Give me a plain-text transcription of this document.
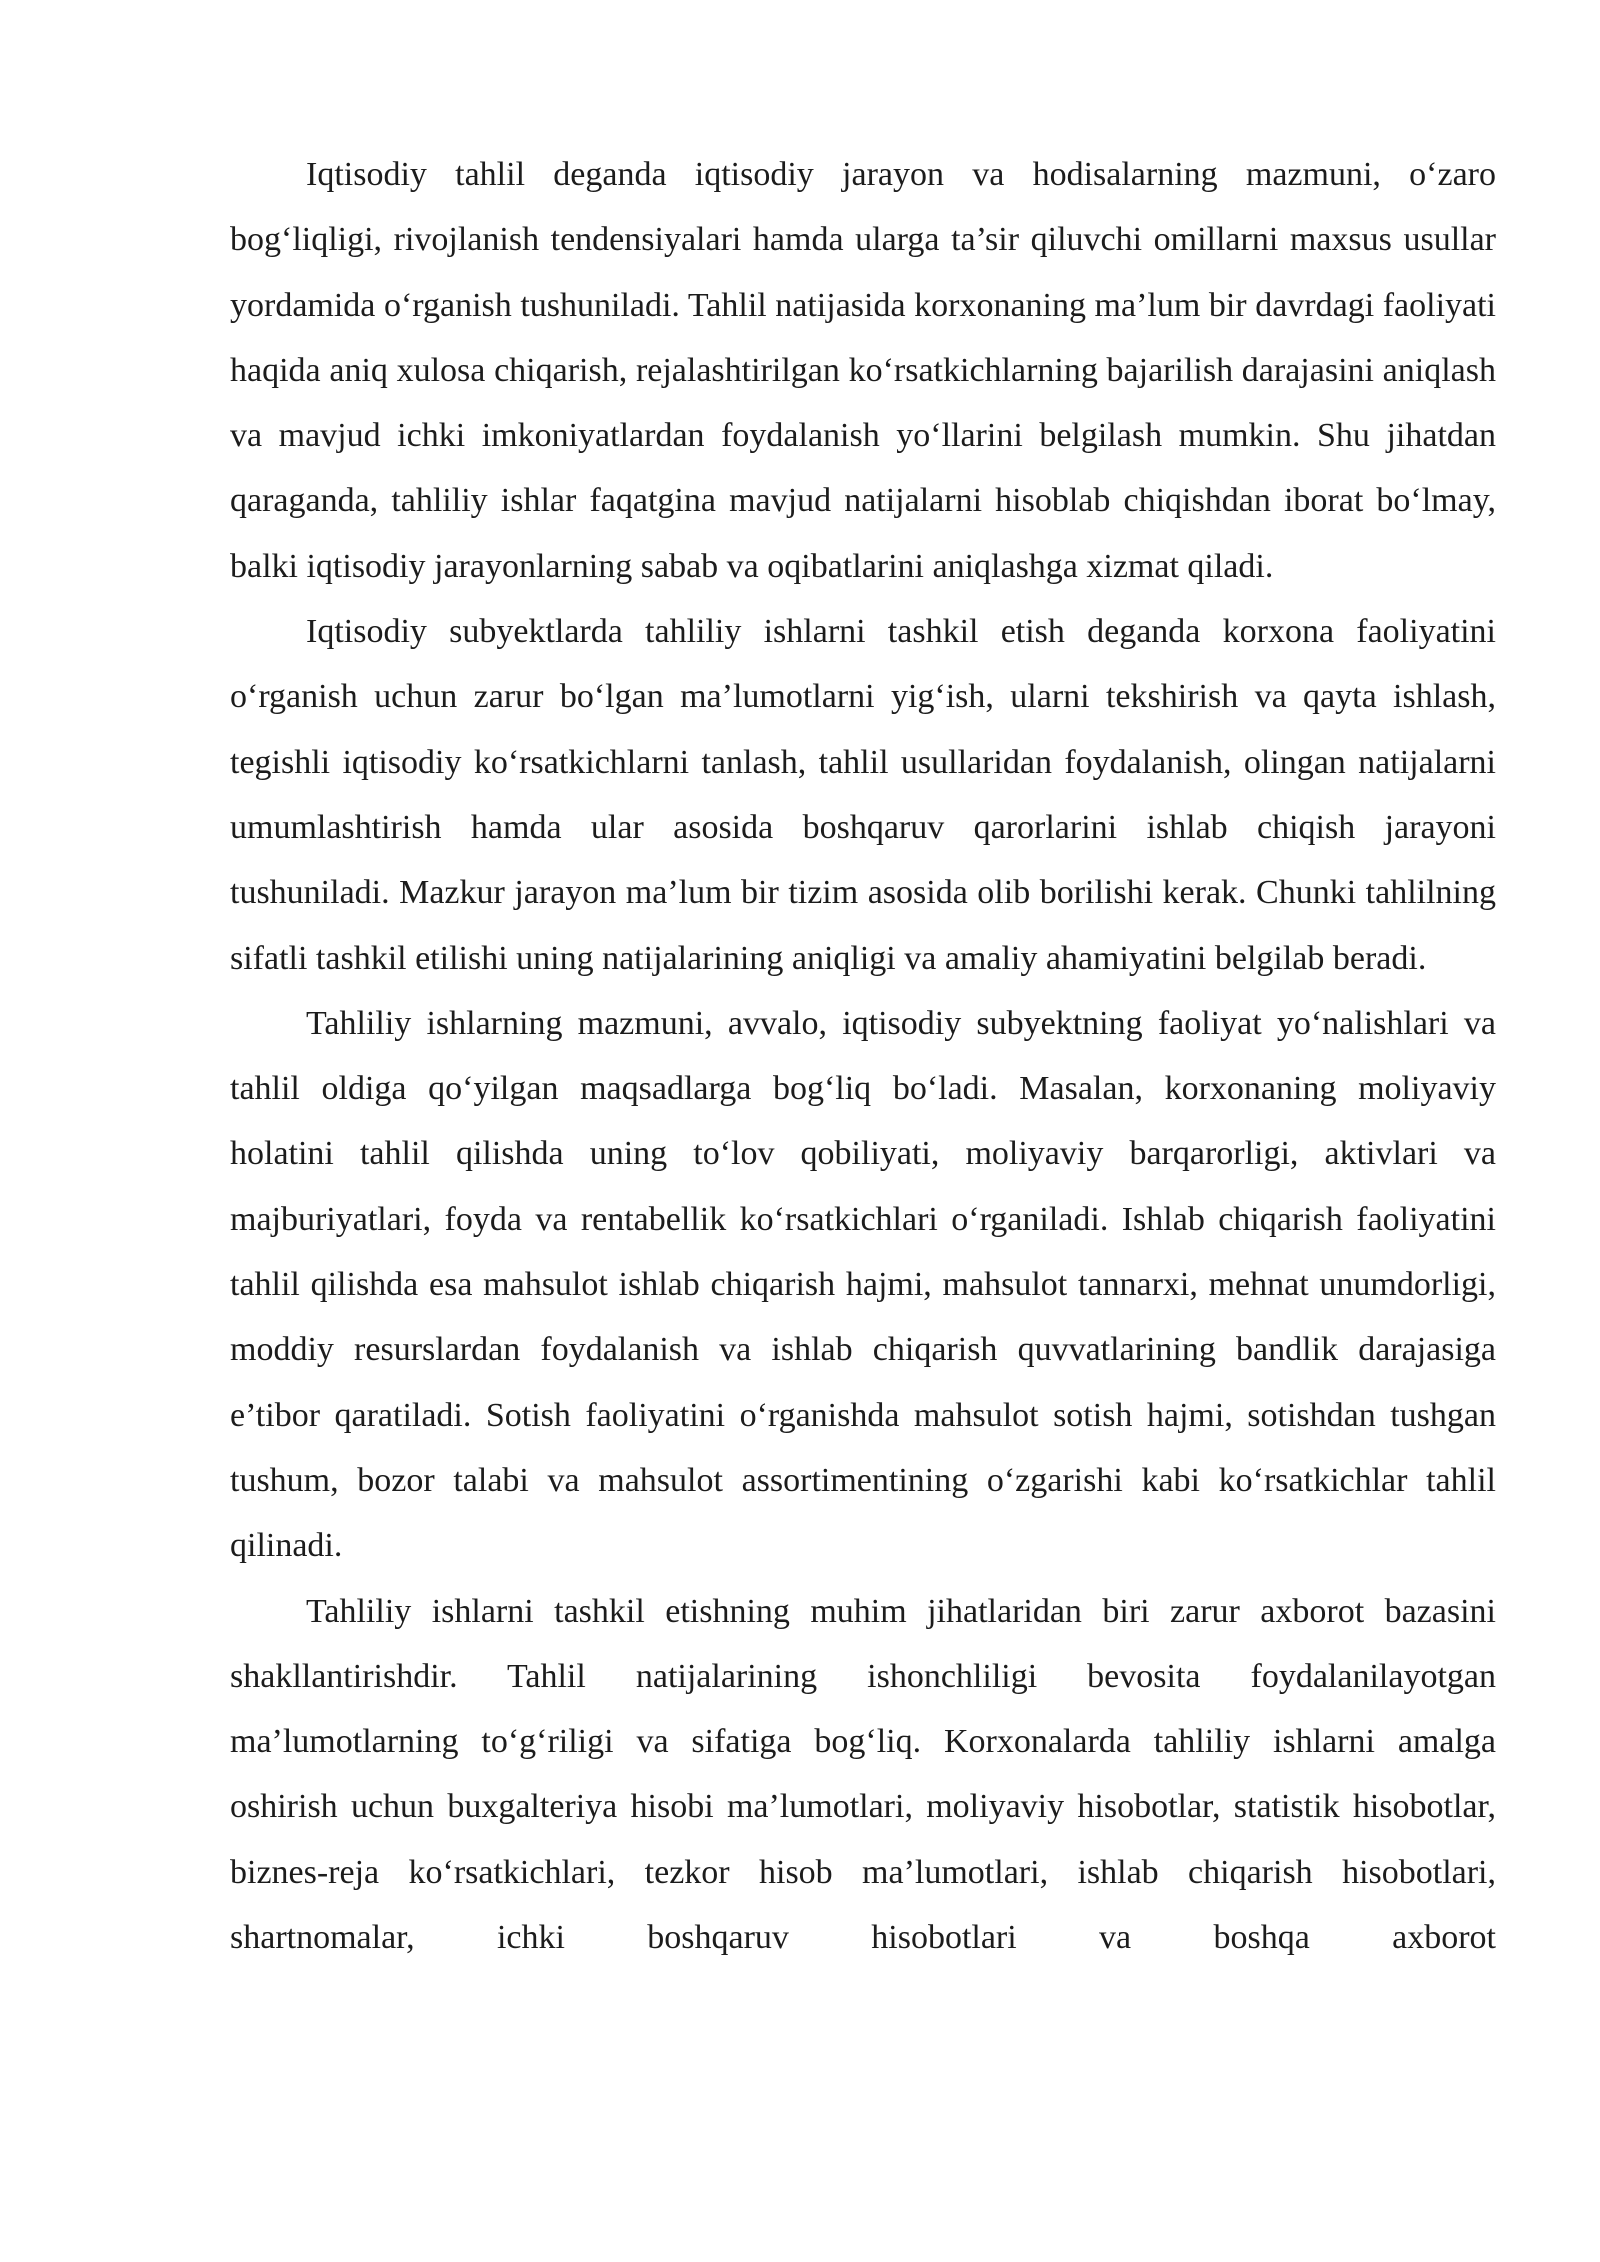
Iqtisodiy tahlil deganda iqtisodiy jarayon va hodisalarning mazmuni, o‘zaro bog‘liqligi, rivojlanish tendensiyalari hamda ularga ta’sir qiluvchi omillarni maxsus usullar yordamida o‘rganish tushuniladi. Tahlil natijasida korxonaning ma’lum bir davrdagi faoliyati haqida aniq xulosa chiqarish, rejalashtirilgan ko‘rsatkichlarning bajarilish darajasini aniqlash va mavjud ichki imkoniyatlardan foydalanish yo‘llarini belgilash mumkin. Shu jihatdan qaraganda, tahliliy ishlar faqatgina mavjud natijalarni hisoblab chiqishdan iborat bo‘lmay, balki iqtisodiy jarayonlarning sabab va oqibatlarini aniqlashga xizmat qiladi.

Iqtisodiy subyektlarda tahliliy ishlarni tashkil etish deganda korxona faoliyatini o‘rganish uchun zarur bo‘lgan ma’lumotlarni yig‘ish, ularni tekshirish va qayta ishlash, tegishli iqtisodiy ko‘rsatkichlarni tanlash, tahlil usullaridan foydalanish, olingan natijalarni umumlashtirish hamda ular asosida boshqaruv qarorlarini ishlab chiqish jarayoni tushuniladi. Mazkur jarayon ma’lum bir tizim asosida olib borilishi kerak. Chunki tahlilning sifatli tashkil etilishi uning natijalarining aniqligi va amaliy ahamiyatini belgilab beradi.

Tahliliy ishlarning mazmuni, avvalo, iqtisodiy subyektning faoliyat yo‘nalishlari va tahlil oldiga qo‘yilgan maqsadlarga bog‘liq bo‘ladi. Masalan, korxonaning moliyaviy holatini tahlil qilishda uning to‘lov qobiliyati, moliyaviy barqarorligi, aktivlari va majburiyatlari, foyda va rentabellik ko‘rsatkichlari o‘rganiladi. Ishlab chiqarish faoliyatini tahlil qilishda esa mahsulot ishlab chiqarish hajmi, mahsulot tannarxi, mehnat unumdorligi, moddiy resurslardan foydalanish va ishlab chiqarish quvvatlarining bandlik darajasiga e’tibor qaratiladi. Sotish faoliyatini o‘rganishda mahsulot sotish hajmi, sotishdan tushgan tushum, bozor talabi va mahsulot assortimentining o‘zgarishi kabi ko‘rsatkichlar tahlil qilinadi.

Tahliliy ishlarni tashkil etishning muhim jihatlaridan biri zarur axborot bazasini shakllantirishdir. Tahlil natijalarining ishonchliligi bevosita foydalanilayotgan ma’lumotlarning to‘g‘riligi va sifatiga bog‘liq. Korxonalarda tahliliy ishlarni amalga oshirish uchun buxgalteriya hisobi ma’lumotlari, moliyaviy hisobotlar, statistik hisobotlar, biznes-reja ko‘rsatkichlari, tezkor hisob ma’lumotlari, ishlab chiqarish hisobotlari, shartnomalar, ichki boshqaruv hisobotlari va boshqa axborot
